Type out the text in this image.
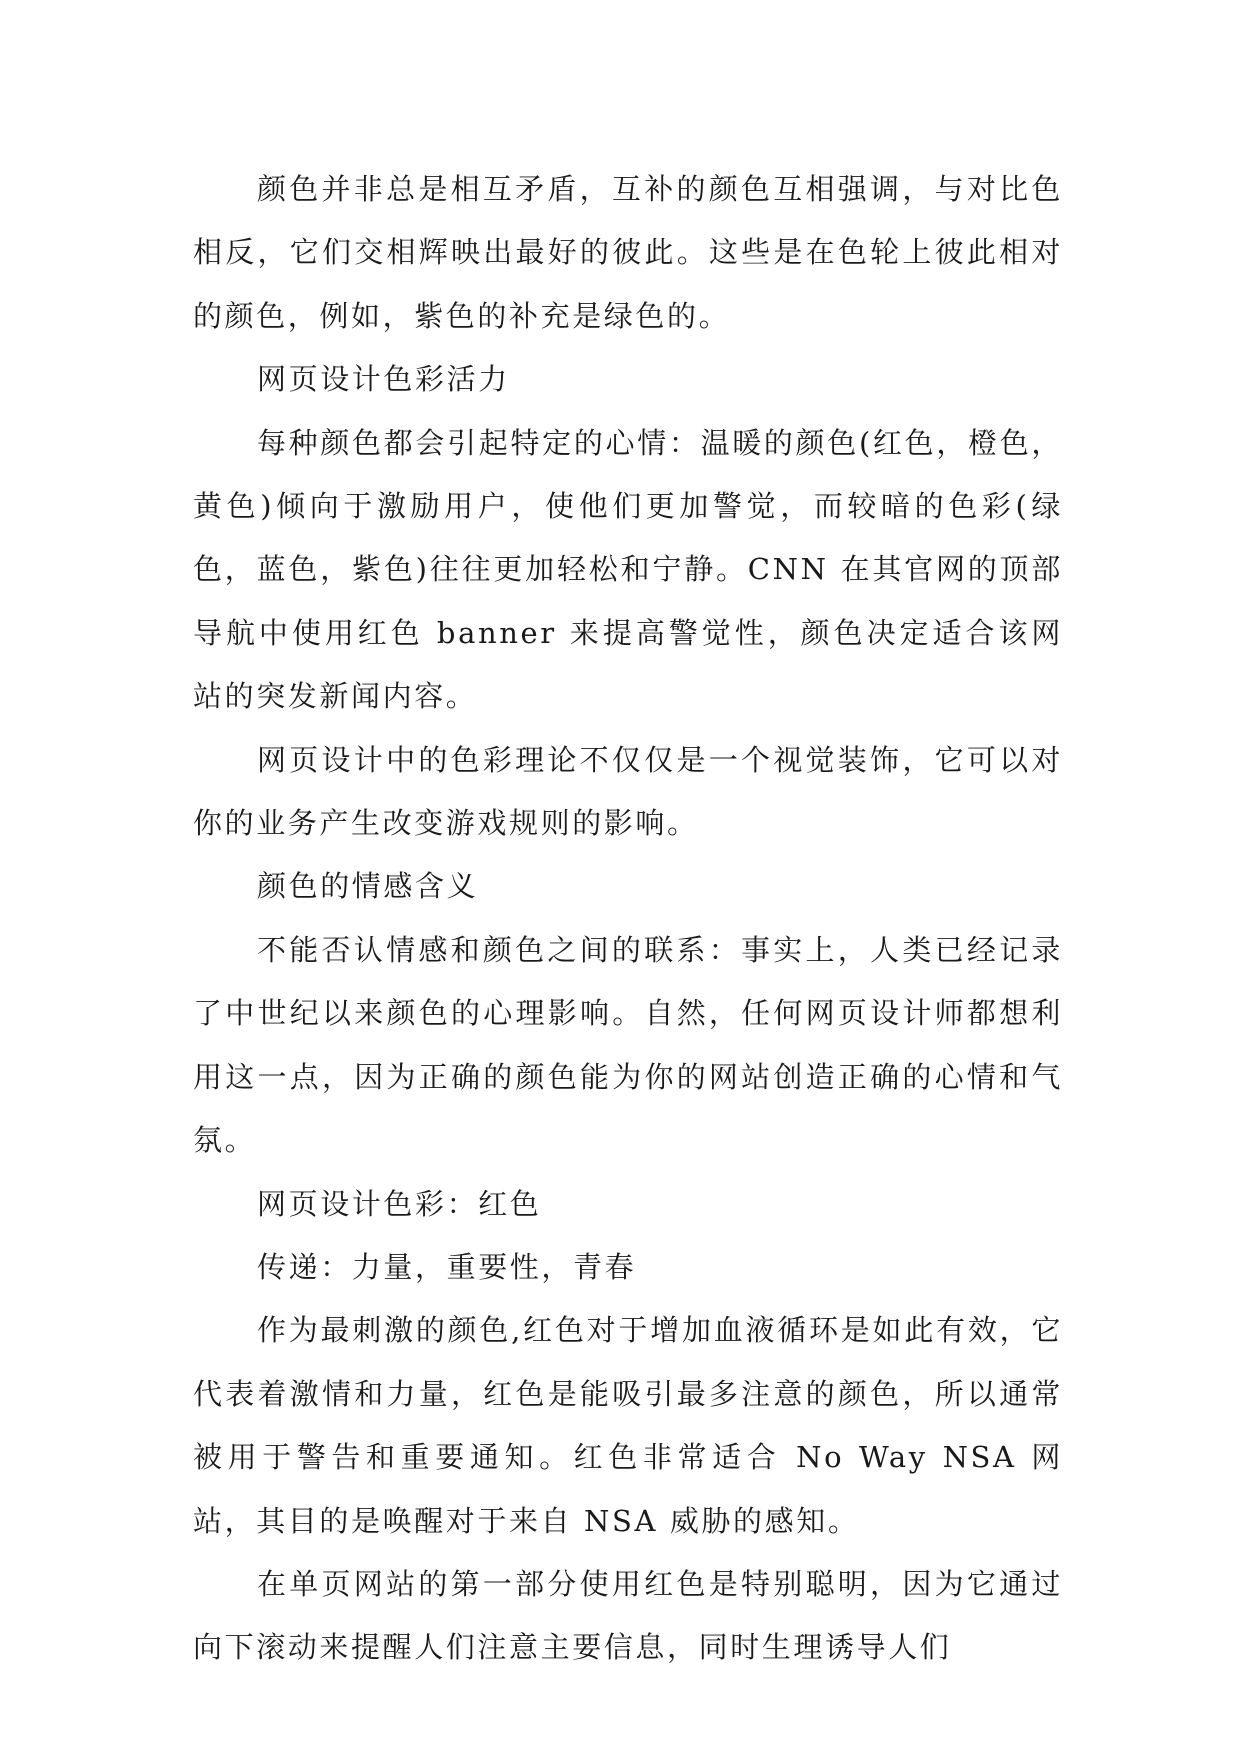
颜色并非总是相互矛盾，互补的颜色互相强调，与对比色相反，它们交相辉映出最好的彼此。这些是在色轮上彼此相对的颜色，例如，紫色的补充是绿色的。

网页设计色彩活力

每种颜色都会引起特定的心情：温暖的颜色(红色，橙色，黄色)倾向于激励用户，使他们更加警觉，而较暗的色彩(绿色，蓝色，紫色)往往更加轻松和宁静。CNN 在其官网的顶部导航中使用红色 banner 来提高警觉性，颜色决定适合该网站的突发新闻内容。

网页设计中的色彩理论不仅仅是一个视觉装饰，它可以对你的业务产生改变游戏规则的影响。

颜色的情感含义

不能否认情感和颜色之间的联系：事实上，人类已经记录了中世纪以来颜色的心理影响。自然，任何网页设计师都想利用这一点，因为正确的颜色能为你的网站创造正确的心情和气氛。

网页设计色彩：红色

传递：力量，重要性，青春

作为最刺激的颜色,红色对于增加血液循环是如此有效，它代表着激情和力量，红色是能吸引最多注意的颜色，所以通常被用于警告和重要通知。红色非常适合 No Way NSA 网站，其目的是唤醒对于来自 NSA 威胁的感知。

在单页网站的第一部分使用红色是特别聪明，因为它通过向下滚动来提醒人们注意主要信息，同时生理诱导人们
